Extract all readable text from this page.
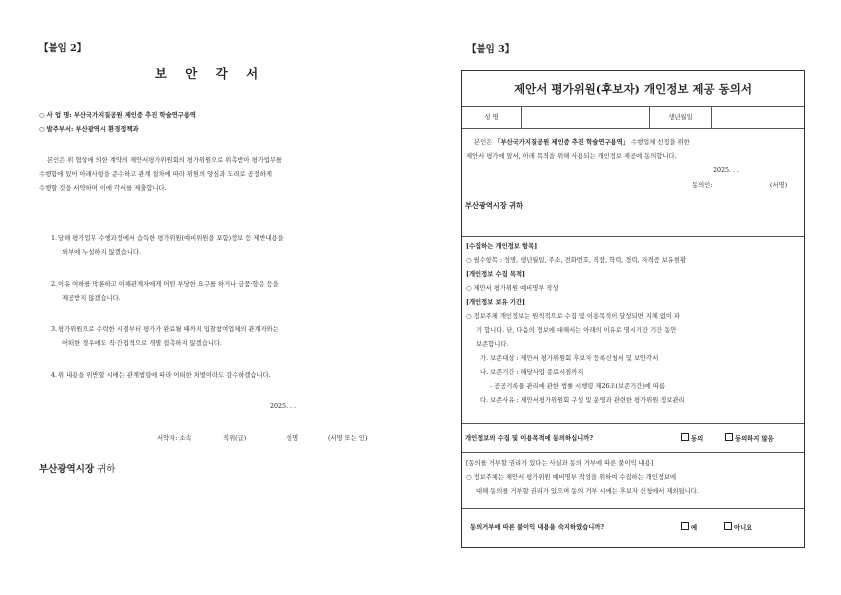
【붙임 2】
보 안 각 서
○ 사 업 명: 부산국가지질공원 제인증 추진 학술연구용역
○ 발주부서: 부산광역시 환경정책과
본인은 위 협상에 의한 계약의 제안서평가위원회의 평가위원으로 위촉받아 평가업무를
수행함에 있어 아래사항을 준수하고 관계 절차에 따라 위원의 양심과 도리로 공정하게
수행할 것을 서약하며 이에 각서를 제출합니다.
1. 당해 평가업무 수행과정에서 습득한 평가위원(예비위원을 포함)정보 등 제반내용을
외부에 누설하지 않겠습니다.
2. 이유 여하를 막론하고 이해관계자에게 어떤 부당한 요구를 하거나 금품·향응 등을
제공받지 않겠습니다.
3. 평가위원으로 수락한 시점부터 평가가 완료될 때까지 입찰참여업체의 관계자와는
어떠한 경우에도 직·간접적으로 개별 접촉하지 않겠습니다.
4. 위 내용을 위반할 시에는 관계법령에 따라 어떠한 처벌이라도 감수하겠습니다.
2025. . .
서약자: 소속	직위(급)	성명	(서명 또는 인)
부산광역시장 귀하
【붙임 3】
제안서 평가위원(후보자) 개인정보 제공 동의서
성 명	생년월일
본인은 「부산국가지질공원 제인증 추진 학술연구용역」 수행업체 선정을 위한
제안서 평가에 앞서, 아래 목적을 위해 사용되는 개인정보 제공에 동의합니다.
2025. . .
동의인:	(서명)
부산광역시장 귀하
[수집하는 개인정보 항목]
○ 필수항목 : 성명, 생년월일, 주소, 전화번호, 직장, 학력, 경력, 자격증 보유현황
[개인정보 수집 목적]
○ 제안서 평가위원 예비명부 작성
[개인정보 보유 기간]
○ 정보주체 개인정보는 원칙적으로 수집 및 이용목적이 달성되면 지체 없이 파
기 합니다. 단, 다음의 정보에 대해서는 아래의 이유로 명시기간 기간 동안
보존합니다.
가. 보존대상 : 제안서 평가위원회 후보자 등록신청서 및 보안각서
나. 보존기간 : 해당사업 종료시점까지
- 공공기록물 관리에 관한 법률 시행령 제26조(보존기간)에 따름
다. 보존사유 : 제안서평가위원회 구성 및 운영과 관련한 평가위원 정보관리
개인정보의 수집 및 이용목적에 동의하십니까?	동의	동의하지 않음
[동의를 거부할 권리가 있다는 사실과 동의 거부에 따른 불이익 내용]
○ 정보주체는 제안서 평가위원 예비명부 작성을 위하여 수집하는 개인정보에
대해 동의를 거부할 권리가 있으며 동의 거부 시에는 후보자 신청에서 제외됩니다.
동의거부에 따른 불이익 내용을 숙지하였습니까?	예	아니요
